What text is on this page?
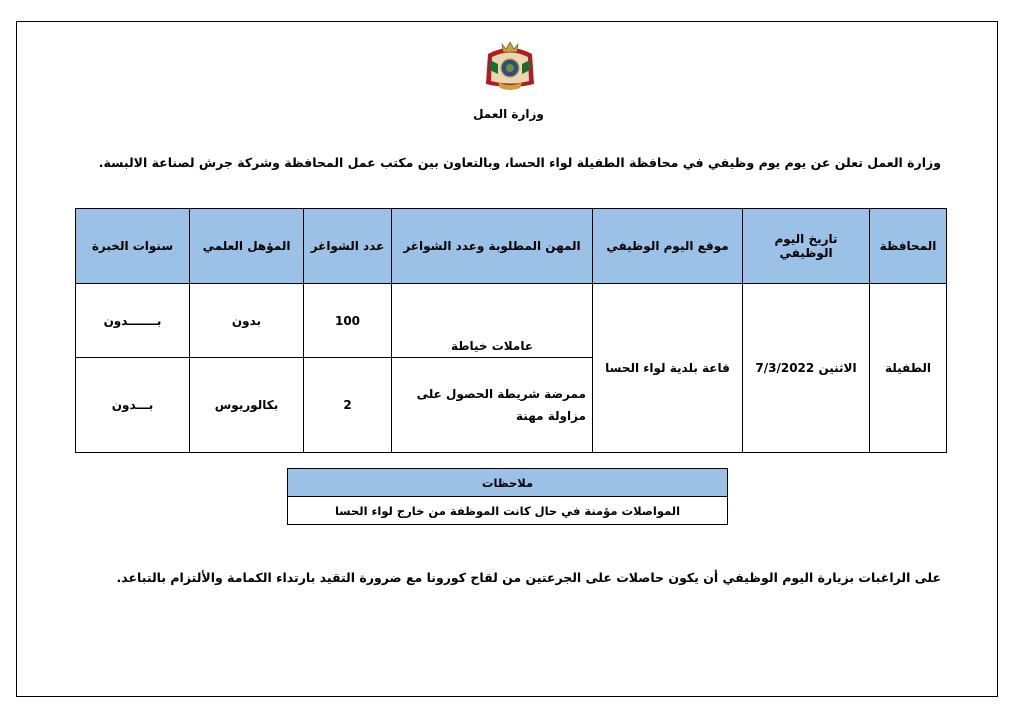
وزارة العمل
وزارة العمل تعلن عن يوم يوم وظيفي في محافظة الطفيلة لواء الحسا، وبالتعاون بين مكتب عمل المحافظة وشركة جرش لصناعة الالبسة.
المحافظة	تاريخ اليوم الوظيفي	موقع اليوم الوظيفي	المهن المطلوبة وعدد الشواغر	عدد الشواغر	المؤهل العلمي	سنوات الخبرة
الطفيلة	الاثنين 7/3/2022	قاعة بلدية لواء الحسا	عاملات خياطة	100	بدون	بـــــــدون
			ممرضة شريطة الحصول على مزاولة مهنة	2	بكالوريوس	بـــدون
ملاحظات
المواصلات مؤمنة في حال كانت الموظفة من خارج لواء الحسا
على الراغبات بزيارة اليوم الوظيفي أن يكون حاصلات على الجرعتين من لقاح كورونا مع ضرورة التقيد بارتداء الكمامة والألتزام بالتباعد.
